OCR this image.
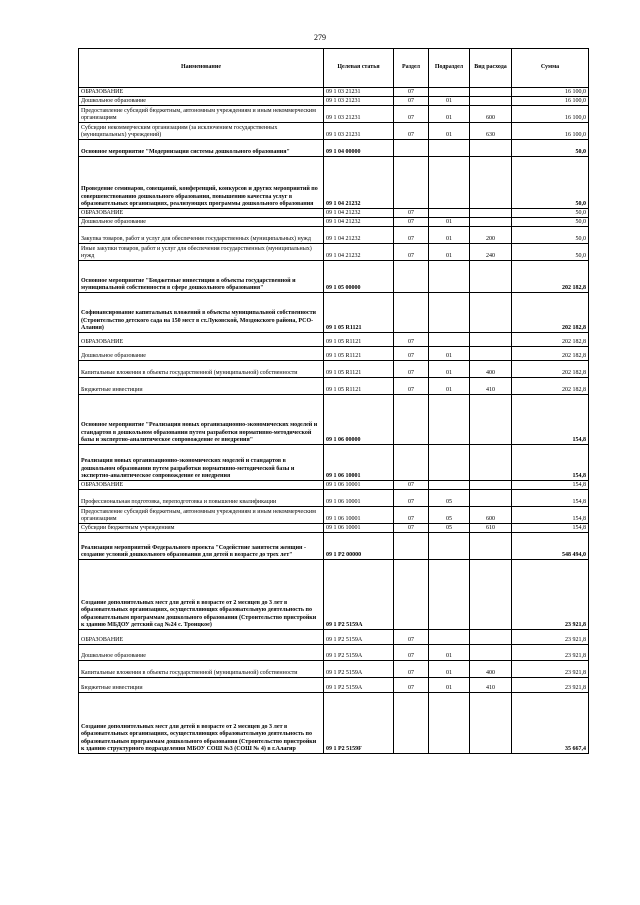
279
Наименование	Целевая статья	Раздел	Подраздел	Вид расхода	Сумма
ОБРАЗОВАНИЕ	09 1 03 21231	07			16 100,0
Дошкольное образование	09 1 03 21231	07	01		16 100,0
Предоставление субсидий бюджетным, автономным учреждениям и иным некоммерческим организациям	09 1 03 21231	07	01	600	16 100,0
Субсидии некоммерческим организациям (за исключением государственных (муниципальных) учреждений)	09 1 03 21231	07	01	630	16 100,0
Основное мероприятие "Модернизация системы дошкольного образования"	09 1 04 00000				50,0
Проведение семинаров, совещаний, конференций, конкурсов и других мероприятий по совершенствованию дошкольного образования, повышению качества услуг в образовательных организациях, реализующих программы дошкольного образования	09 1 04 21232				50,0
ОБРАЗОВАНИЕ	09 1 04 21232	07			50,0
Дошкольное образование	09 1 04 21232	07	01		50,0
Закупка товаров, работ и услуг для обеспечения государственных (муниципальных) нужд	09 1 04 21232	07	01	200	50,0
Иные закупки товаров, работ и услуг для обеспечения государственных (муниципальных) нужд	09 1 04 21232	07	01	240	50,0
Основное мероприятие "Бюджетные инвестиции в объекты государственной и муниципальной собственности в сфере дошкольного образования"	09 1 05 00000				202 182,8
Софинансирование капитальных вложений в объекты муниципальной собственности (Строительство детского сада на 150 мест в ст.Луковской, Моздокского района, РСО-Алания)	09 1 05 R1121				202 182,8
ОБРАЗОВАНИЕ	09 1 05 R1121	07			202 182,8
Дошкольное образование	09 1 05 R1121	07	01		202 182,8
Капитальные вложения в объекты государственной (муниципальной) собственности	09 1 05 R1121	07	01	400	202 182,8
Бюджетные инвестиции	09 1 05 R1121	07	01	410	202 182,8
Основное мероприятие "Реализация новых организационно-экономических моделей и стандартов в дошкольном образовании путем разработки нормативно-методической базы и экспертно-аналитическое сопровождение ее внедрения"	09 1 06 00000				154,8
Реализация новых организационно-экономических моделей и стандартов в дошкольном образовании путем разработки нормативно-методической базы и экспертно-аналитическое сопровождение ее внедрения	09 1 06 10001				154,8
ОБРАЗОВАНИЕ	09 1 06 10001	07			154,8
Профессиональная подготовка, переподготовка и повышение квалификации	09 1 06 10001	07	05		154,8
Предоставление субсидий бюджетным, автономным учреждениям и иным некоммерческим организациям	09 1 06 10001	07	05	600	154,8
Субсидии бюджетным учреждениям	09 1 06 10001	07	05	610	154,8
Реализация мероприятий Федерального проекта "Содействие занятости женщин - создание условий дошкольного образования для детей в возрасте до трех лет"	09 1 P2 00000				548 494,0
Создание дополнительных мест для детей в возрасте от 2 месяцев до 3 лет в образовательных организациях, осуществляющих образовательную деятельность по образовательным программам дошкольного образования (Строительство пристройки к зданию МБДОУ детский сад №24 с. Троицкое)	09 1 P2 5159A				23 921,8
ОБРАЗОВАНИЕ	09 1 P2 5159A	07			23 921,8
Дошкольное образование	09 1 P2 5159A	07	01		23 921,8
Капитальные вложения в объекты государственной (муниципальной) собственности	09 1 P2 5159A	07	01	400	23 921,8
Бюджетные инвестиции	09 1 P2 5159A	07	01	410	23 921,8
Создание дополнительных мест для детей в возрасте от 2 месяцев до 3 лет в образовательных организациях, осуществляющих образовательную деятельность по образовательным программам дошкольного образования (Строительство пристройки к зданию структурного подразделения МБОУ СОШ №3 (СОШ № 4) в г.Алагир	09 1 P2 5159F				35 667,4
